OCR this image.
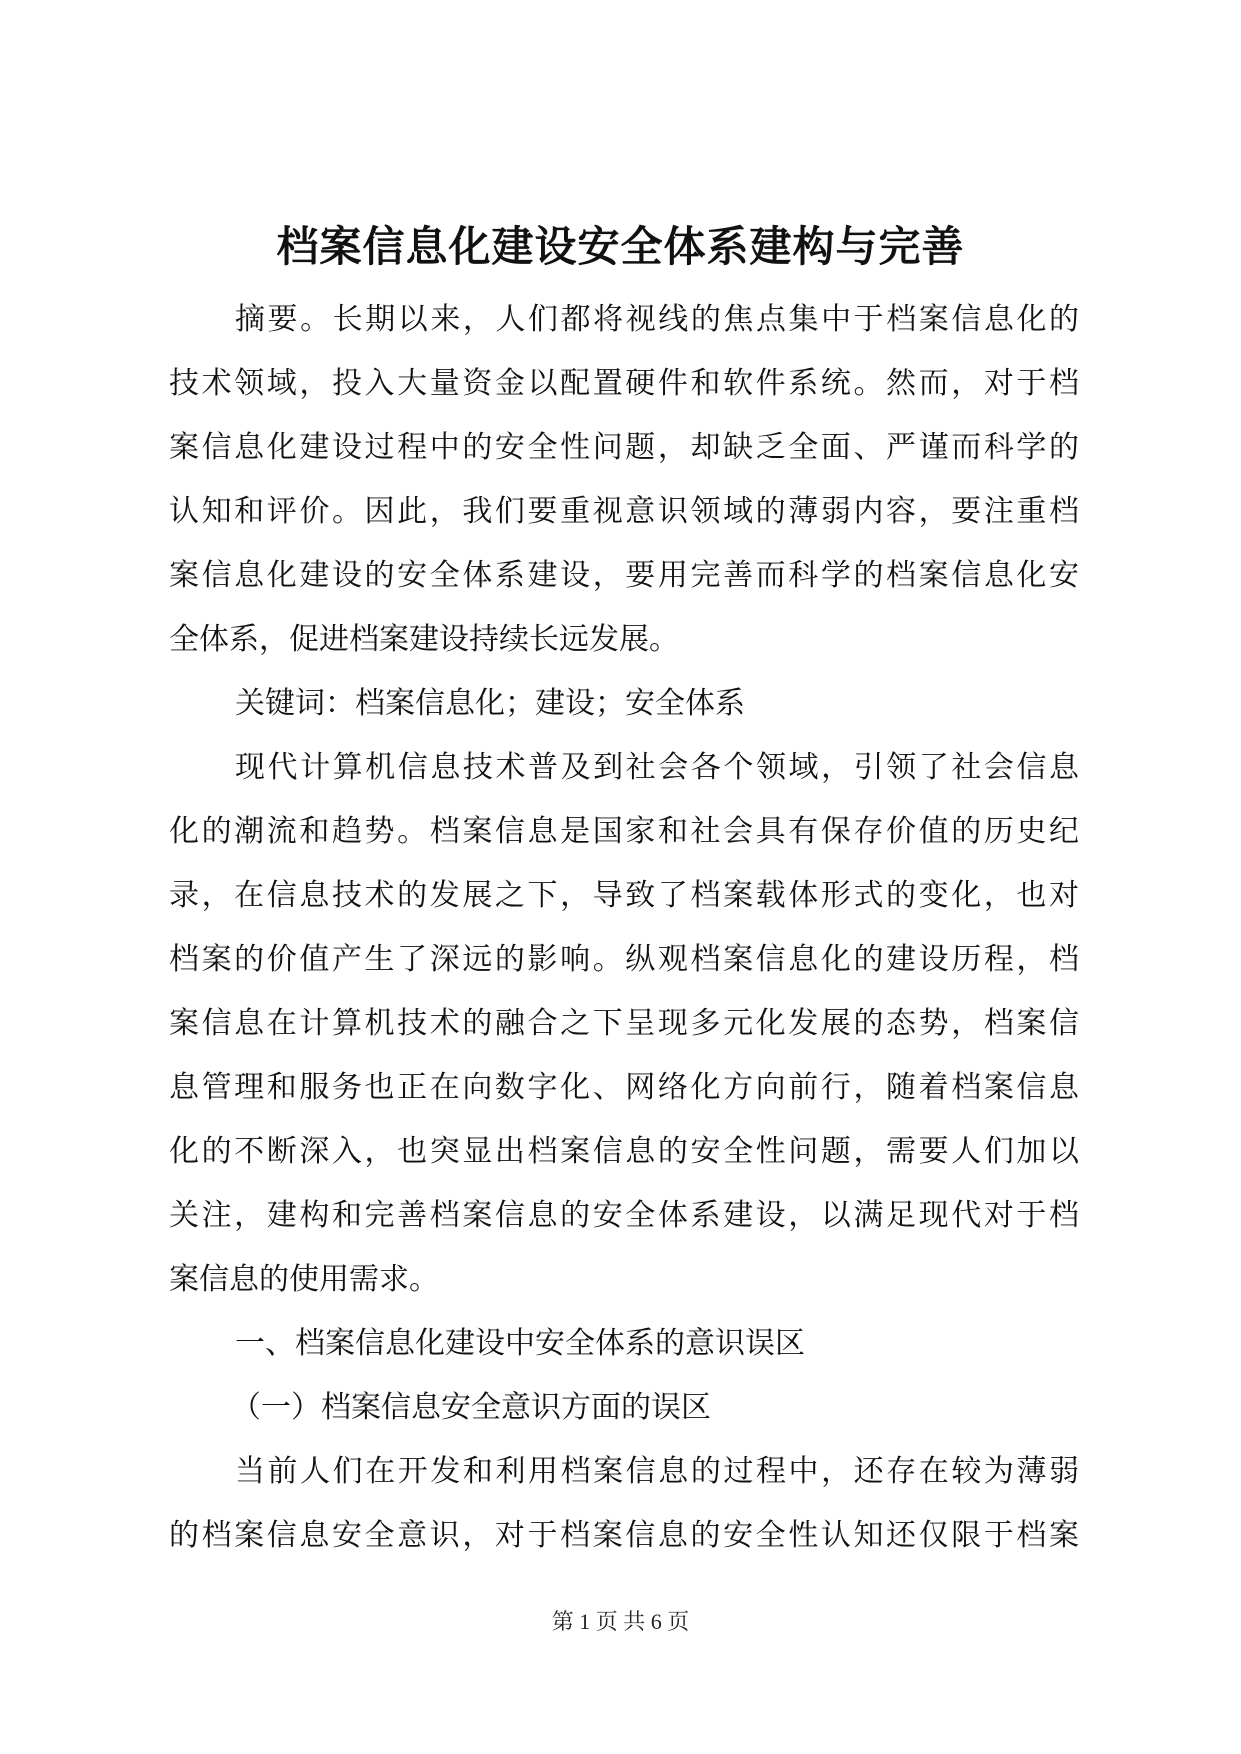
档案信息化建设安全体系建构与完善
摘要。长期以来，人们都将视线的焦点集中于档案信息化的
技术领域，投入大量资金以配置硬件和软件系统。然而，对于档
案信息化建设过程中的安全性问题，却缺乏全面、严谨而科学的
认知和评价。因此，我们要重视意识领域的薄弱内容，要注重档
案信息化建设的安全体系建设，要用完善而科学的档案信息化安
全体系，促进档案建设持续长远发展。
关键词：档案信息化；建设；安全体系
现代计算机信息技术普及到社会各个领域，引领了社会信息
化的潮流和趋势。档案信息是国家和社会具有保存价值的历史纪
录，在信息技术的发展之下，导致了档案载体形式的变化，也对
档案的价值产生了深远的影响。纵观档案信息化的建设历程，档
案信息在计算机技术的融合之下呈现多元化发展的态势，档案信
息管理和服务也正在向数字化、网络化方向前行，随着档案信息
化的不断深入，也突显出档案信息的安全性问题，需要人们加以
关注，建构和完善档案信息的安全体系建设，以满足现代对于档
案信息的使用需求。
一、档案信息化建设中安全体系的意识误区
（一）档案信息安全意识方面的误区
当前人们在开发和利用档案信息的过程中，还存在较为薄弱
的档案信息安全意识，对于档案信息的安全性认知还仅限于档案
第 1 页 共 6 页
